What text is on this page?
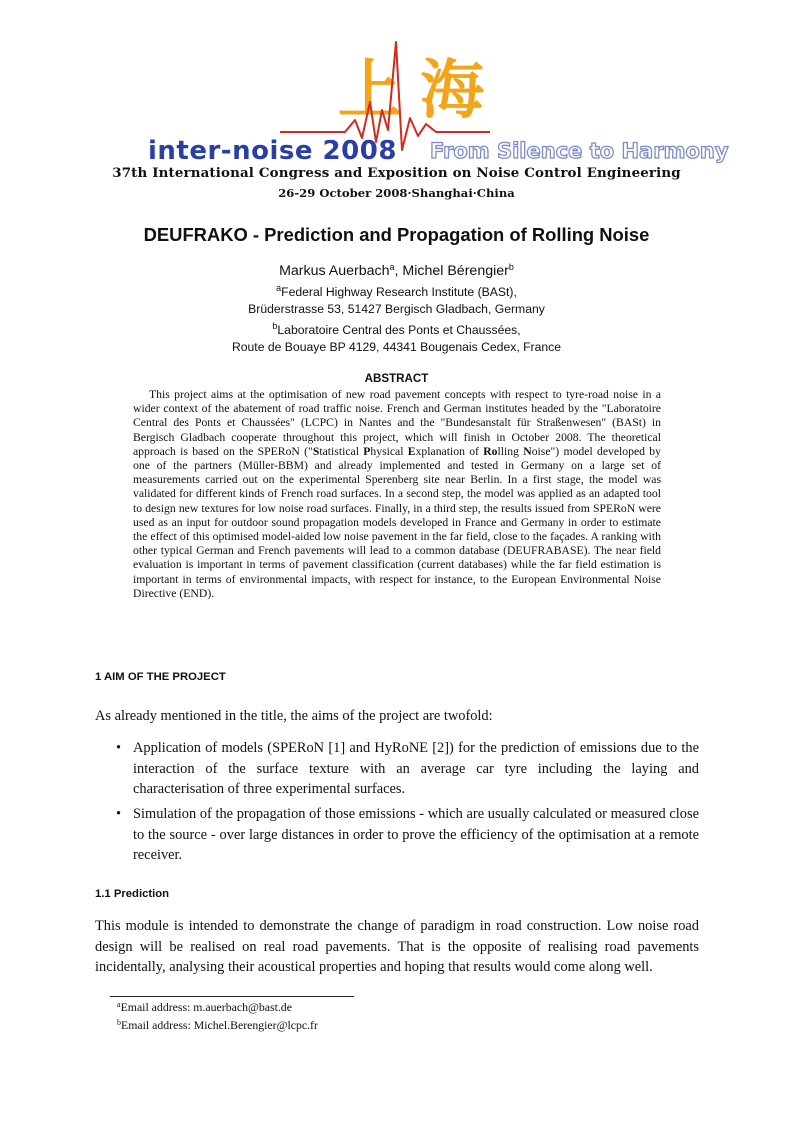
上海
inter-noise 2008 From Silence to Harmony
37th International Congress and Exposition on Noise Control Engineering
26-29 October 2008·Shanghai·China
DEUFRAKO - Prediction and Propagation of Rolling Noise
Markus Auerbach$^a$, Michel Bérengier$^b$
$^a$Federal Highway Research Institute (BASt),
Brüderstrasse 53, 51427 Bergisch Gladbach, Germany
$^b$Laboratoire Central des Ponts et Chaussées,
Route de Bouaye BP 4129, 44341 Bougenais Cedex, France
ABSTRACT
This project aims at the optimisation of new road pavement concepts with respect to tyre-road noise in a wider context of the abatement of road traffic noise. French and German institutes headed by the "Laboratoire Central des Ponts et Chaussées" (LCPC) in Nantes and the "Bundesanstalt für Straßenwesen" (BASt) in Bergisch Gladbach cooperate throughout this project, which will finish in October 2008. The theoretical approach is based on the SPERoN ("Statistical Physical Explanation of Rolling Noise") model developed by one of the partners (Müller-BBM) and already implemented and tested in Germany on a large set of measurements carried out on the experimental Sperenberg site near Berlin. In a first stage, the model was validated for different kinds of French road surfaces. In a second step, the model was applied as an adapted tool to design new textures for low noise road surfaces. Finally, in a third step, the results issued from SPERoN were used as an input for outdoor sound propagation models developed in France and Germany in order to estimate the effect of this optimised model-aided low noise pavement in the far field, close to the façades. A ranking with other typical German and French pavements will lead to a common database (DEUFRABASE). The near field evaluation is important in terms of pavement classification (current databases) while the far field estimation is important in terms of environmental impacts, with respect for instance, to the European Environmental Noise Directive (END).
1 AIM OF THE PROJECT
As already mentioned in the title, the aims of the project are twofold:
• Application of models (SPERoN [1] and HyRoNE [2]) for the prediction of emissions due to the interaction of the surface texture with an average car tyre including the laying and characterisation of three experimental surfaces.
• Simulation of the propagation of those emissions - which are usually calculated or measured close to the source - over large distances in order to prove the efficiency of the optimisation at a remote receiver.
1.1 Prediction
This module is intended to demonstrate the change of paradigm in road construction. Low noise road design will be realised on real road pavements. That is the opposite of realising road pavements incidentally, analysing their acoustical properties and hoping that results would come along well.
$^a$Email address: m.auerbach@bast.de
$^b$Email address: Michel.Berengier@lcpc.fr
